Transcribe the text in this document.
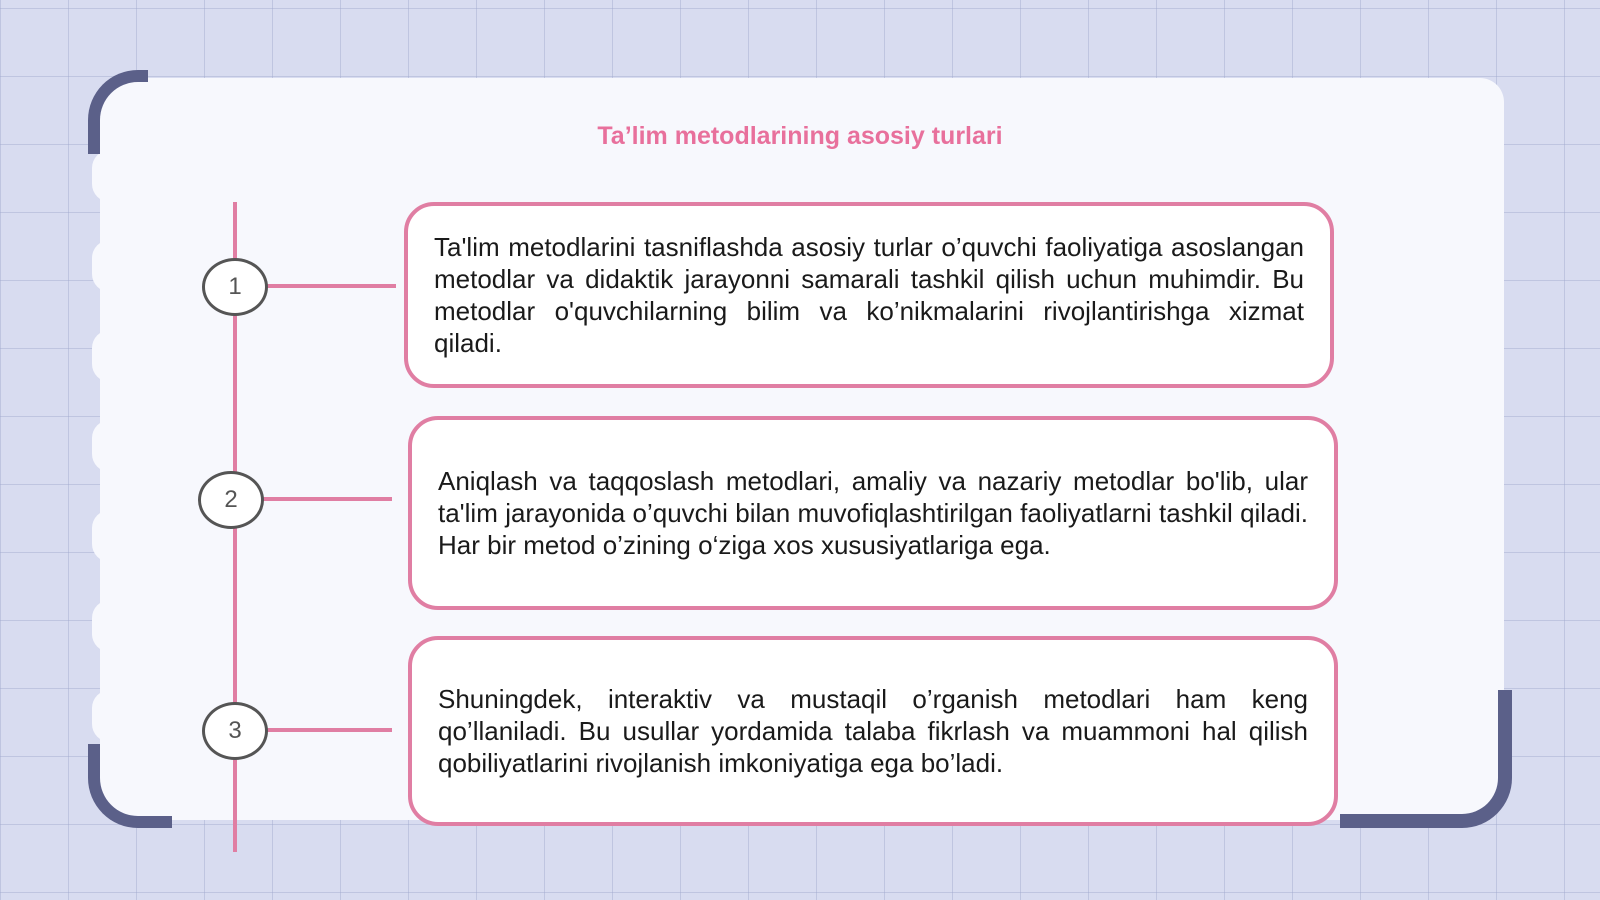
Ta’lim metodlarining asosiy turlari
1

Ta'lim metodlarini tasniflashda asosiy turlar o’quvchi faoliyatiga asoslangan metodlar va didaktik jarayonni samarali tashkil qilish uchun muhimdir. Bu metodlar o'quvchilarning bilim va ko’nikmalarini rivojlantirishga xizmat qiladi.

2

Aniqlash va taqqoslash metodlari, amaliy va nazariy metodlar bo'lib, ular ta'lim jarayonida o’quvchi bilan muvofiqlashtirilgan faoliyatlarni tashkil qiladi. Har bir metod o’zining o‘ziga xos xususiyatlariga ega.

3

Shuningdek, interaktiv va mustaqil o’rganish metodlari ham keng qo’llaniladi. Bu usullar yordamida talaba fikrlash va muammoni hal qilish qobiliyatlarini rivojlanish imkoniyatiga ega bo’ladi.
